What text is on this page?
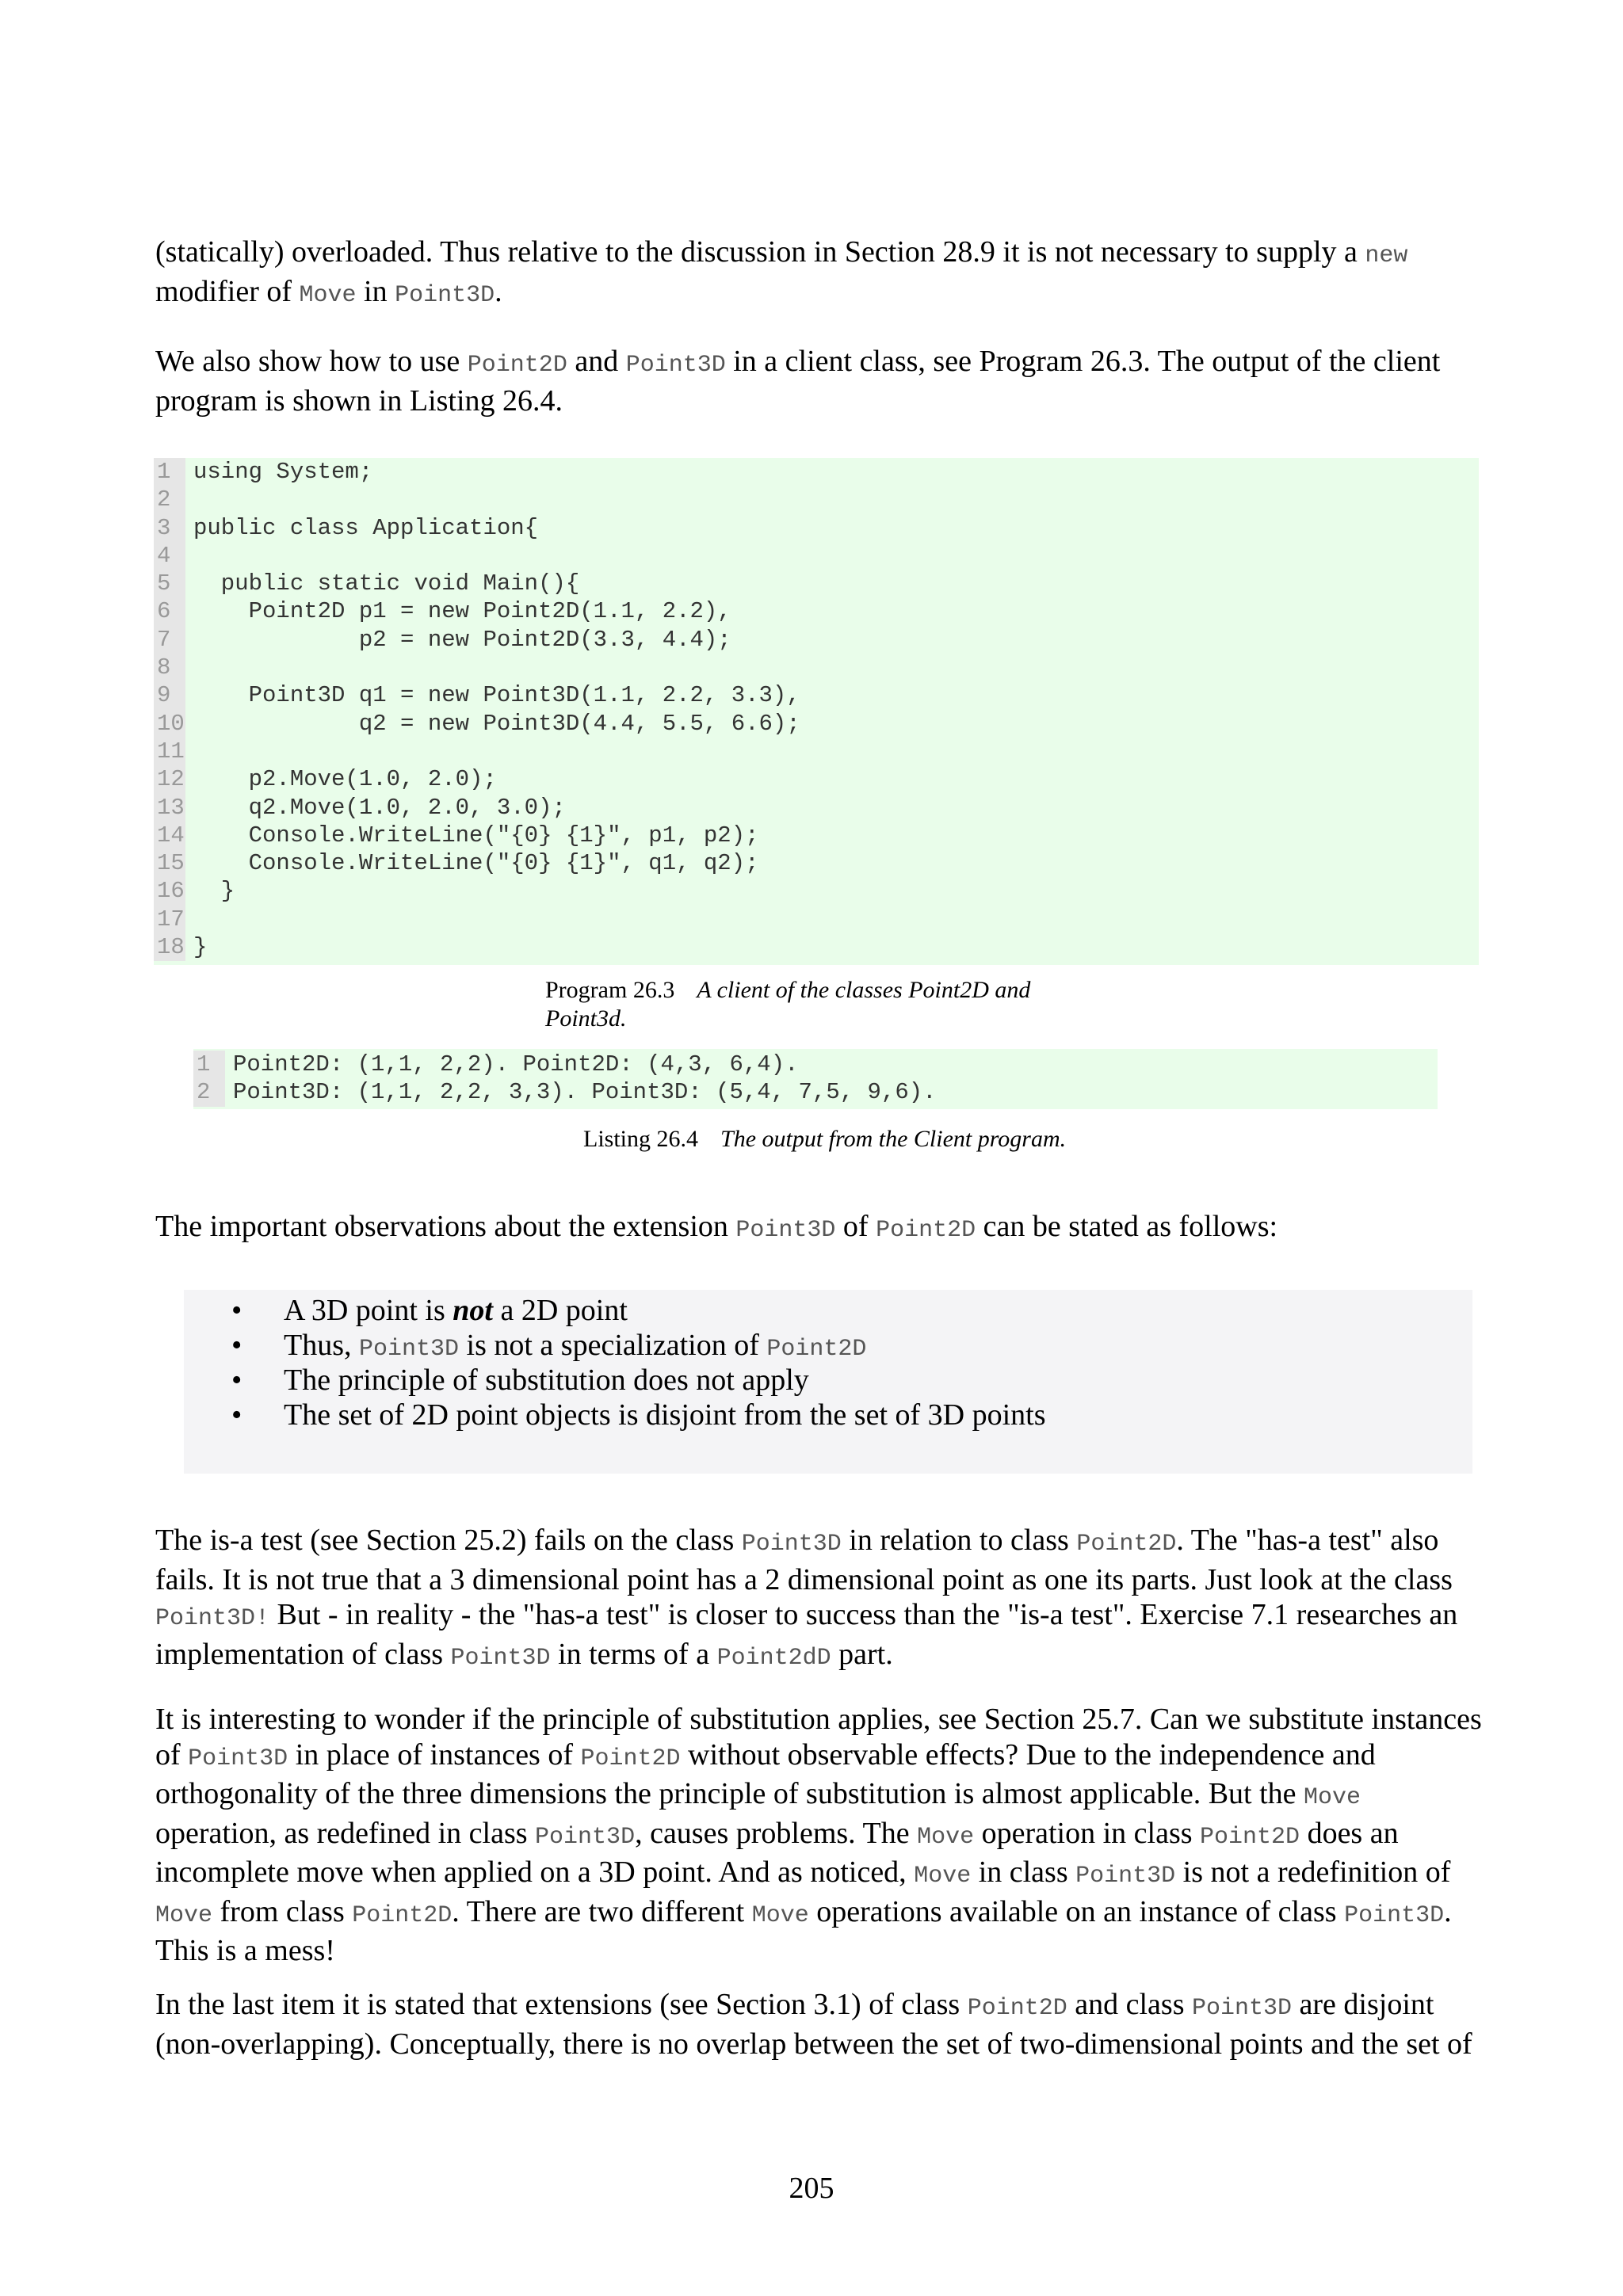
(statically) overloaded. Thus relative to the discussion in Section 28.9 it is not necessary to supply a new modifier of Move in Point3D.

We also show how to use Point2D and Point3D in a client class, see Program 26.3. The output of the client program is shown in Listing 26.4.

1 using System;
2
3 public class Application{
4
5 public static void Main(){
6 Point2D p1 = new Point2D(1.1, 2.2),
7 p2 = new Point2D(3.3, 4.4);
8
9 Point3D q1 = new Point3D(1.1, 2.2, 3.3),
10 q2 = new Point3D(4.4, 5.5, 6.6);
11
12 p2.Move(1.0, 2.0);
13 q2.Move(1.0, 2.0, 3.0);
14 Console.WriteLine("{0} {1}", p1, p2);
15 Console.WriteLine("{0} {1}", q1, q2);
16 }
17
18 }
Program 26.3 A client of the classes Point2D and
Point3d.
1 Point2D: (1,1, 2,2). Point2D: (4,3, 6,4).
2 Point3D: (1,1, 2,2, 3,3). Point3D: (5,4, 7,5, 9,6).
Listing 26.4 The output from the Client program.

The important observations about the extension Point3D of Point2D can be stated as follows:

• A 3D point is not a 2D point
• Thus, Point3D is not a specialization of Point2D
• The principle of substitution does not apply
• The set of 2D point objects is disjoint from the set of 3D points

The is-a test (see Section 25.2) fails on the class Point3D in relation to class Point2D. The "has-a test" also fails. It is not true that a 3 dimensional point has a 2 dimensional point as one its parts. Just look at the class Point3D! But - in reality - the "has-a test" is closer to success than the "is-a test". Exercise 7.1 researches an implementation of class Point3D in terms of a Point2dD part.

It is interesting to wonder if the principle of substitution applies, see Section 25.7. Can we substitute instances of Point3D in place of instances of Point2D without observable effects? Due to the independence and orthogonality of the three dimensions the principle of substitution is almost applicable. But the Move operation, as redefined in class Point3D, causes problems. The Move operation in class Point2D does an incomplete move when applied on a 3D point. And as noticed, Move in class Point3D is not a redefinition of Move from class Point2D. There are two different Move operations available on an instance of class Point3D. This is a mess!

In the last item it is stated that extensions (see Section 3.1) of class Point2D and class Point3D are disjoint (non-overlapping). Conceptually, there is no overlap between the set of two-dimensional points and the set of

205
